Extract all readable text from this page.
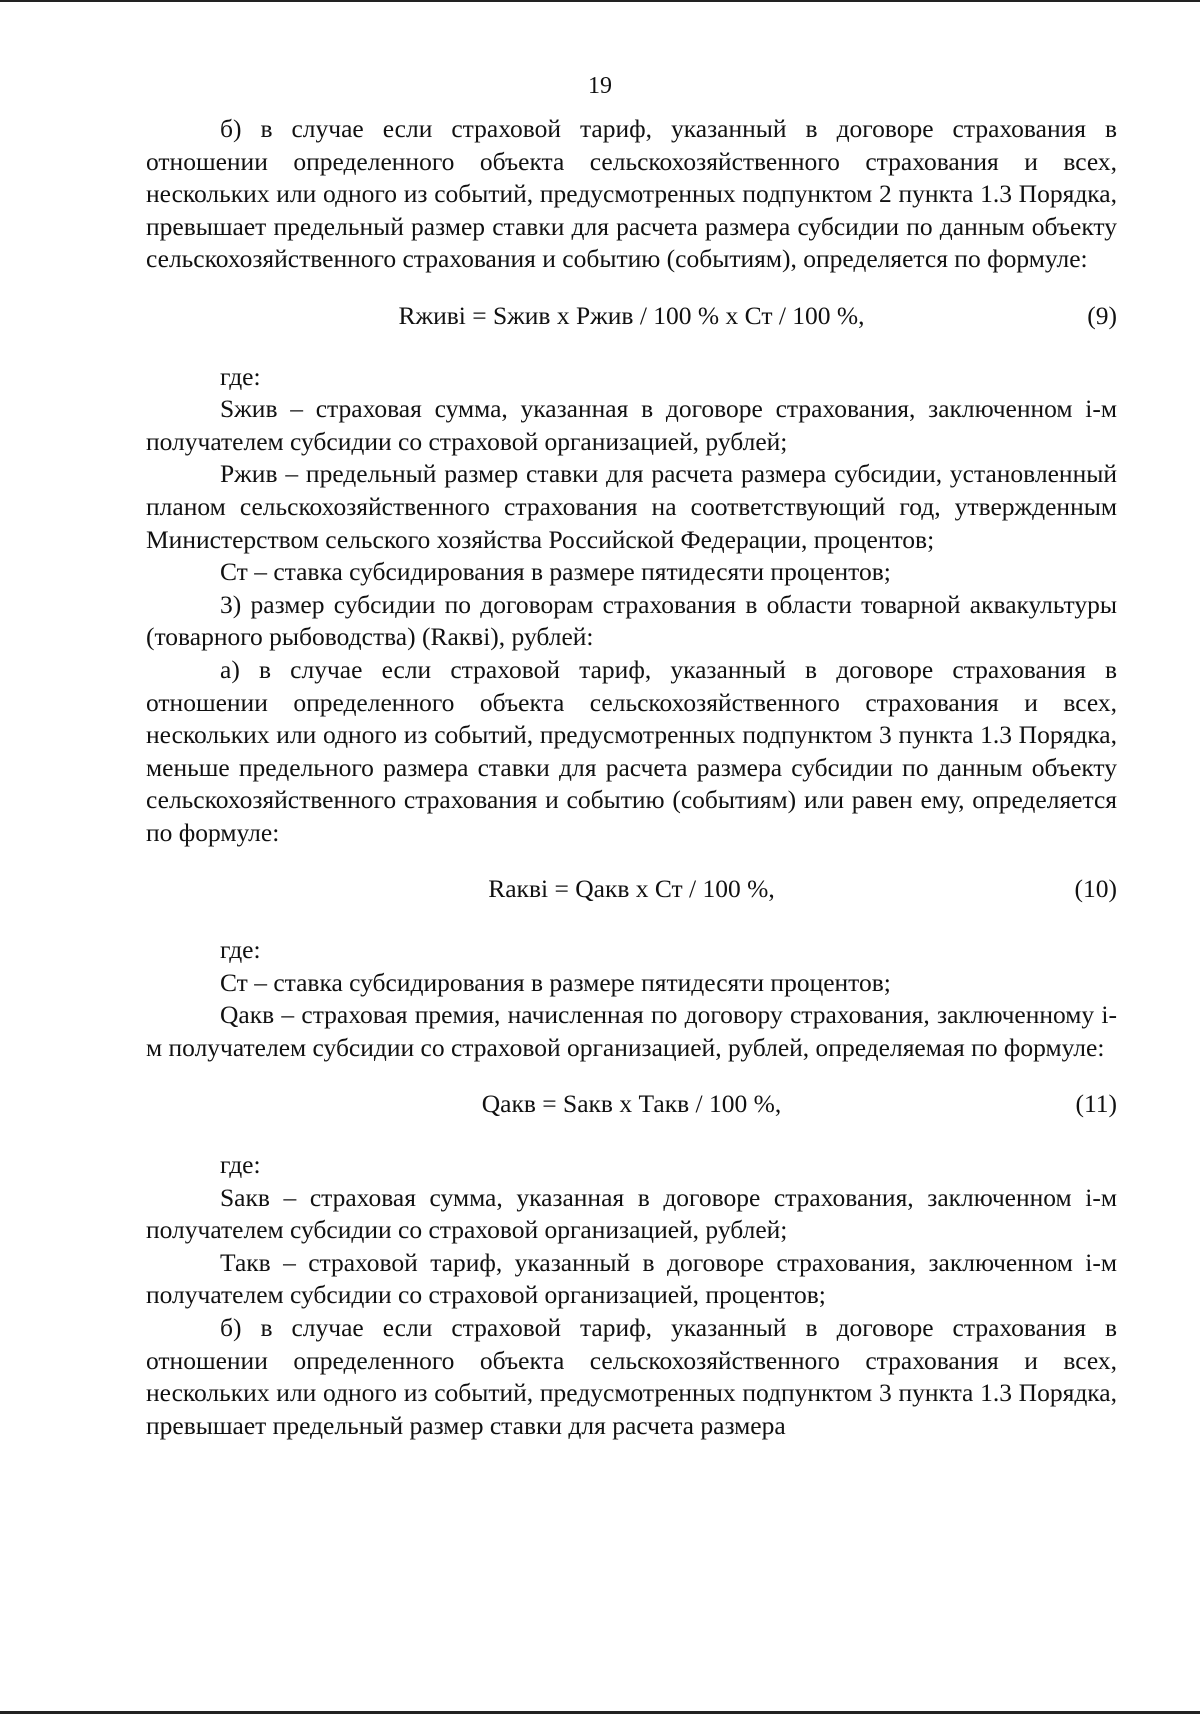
19

б) в случае если страховой тариф, указанный в договоре страхования в отношении определенного объекта сельскохозяйственного страхования и всех, нескольких или одного из событий, предусмотренных подпунктом 2 пункта 1.3 Порядка, превышает предельный размер ставки для расчета размера субсидии по данным объекту сельскохозяйственного страхования и событию (событиям), определяется по формуле:

Rживi = Sжив x Pжив / 100 % x Ст / 100 %,	(9)

где:

Sжив – страховая сумма, указанная в договоре страхования, заключенном i-м получателем субсидии со страховой организацией, рублей;

Pжив – предельный размер ставки для расчета размера субсидии, установленный планом сельскохозяйственного страхования на соответствующий год, утвержденным Министерством сельского хозяйства Российской Федерации, процентов;

Ст – ставка субсидирования в размере пятидесяти процентов;

3) размер субсидии по договорам страхования в области товарной аквакультуры (товарного рыбоводства) (Rаквi), рублей:

а) в случае если страховой тариф, указанный в договоре страхования в отношении определенного объекта сельскохозяйственного страхования и всех, нескольких или одного из событий, предусмотренных подпунктом 3 пункта 1.3 Порядка, меньше предельного размера ставки для расчета размера субсидии по данным объекту сельскохозяйственного страхования и событию (событиям) или равен ему, определяется по формуле:

Rаквi = Qакв x Ст / 100 %,	(10)

где:

Ст – ставка субсидирования в размере пятидесяти процентов;

Qакв – страховая премия, начисленная по договору страхования, заключенному i-м получателем субсидии со страховой организацией, рублей, определяемая по формуле:

Qакв = Sакв x Такв / 100 %,	(11)

где:

Sакв – страховая сумма, указанная в договоре страхования, заключенном i-м получателем субсидии со страховой организацией, рублей;

Такв – страховой тариф, указанный в договоре страхования, заключенном i-м получателем субсидии со страховой организацией, процентов;

б) в случае если страховой тариф, указанный в договоре страхования в отношении определенного объекта сельскохозяйственного страхования и всех, нескольких или одного из событий, предусмотренных подпунктом 3 пункта 1.3 Порядка, превышает предельный размер ставки для расчета размера
